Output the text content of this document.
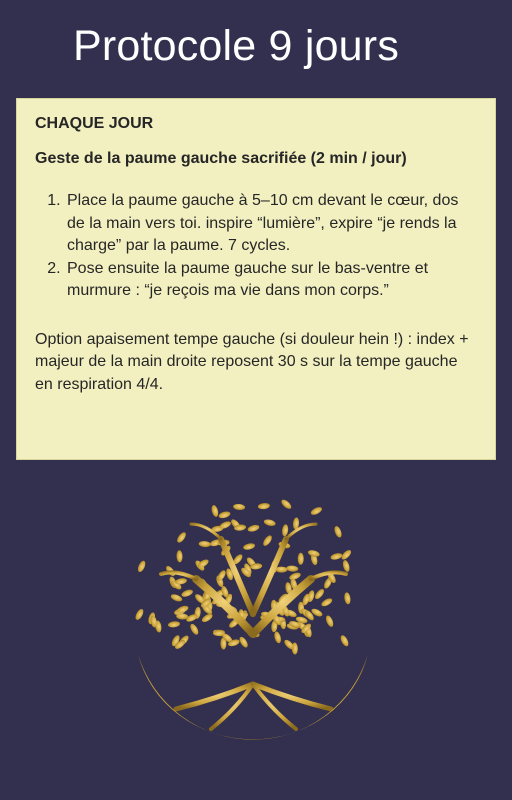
Protocole 9 jours
CHAQUE JOUR
Geste de la paume gauche sacrifiée (2 min / jour)
1. Place la paume gauche à 5–10 cm devant le cœur, dos de la main vers toi. inspire “lumière”, expire “je rends la charge” par la paume. 7 cycles.
2. Pose ensuite la paume gauche sur le bas-ventre et murmure : “je reçois ma vie dans mon corps.”
Option apaisement tempe gauche (si douleur hein !) : index + majeur de la main droite reposent 30 s sur la tempe gauche en respiration 4/4.
